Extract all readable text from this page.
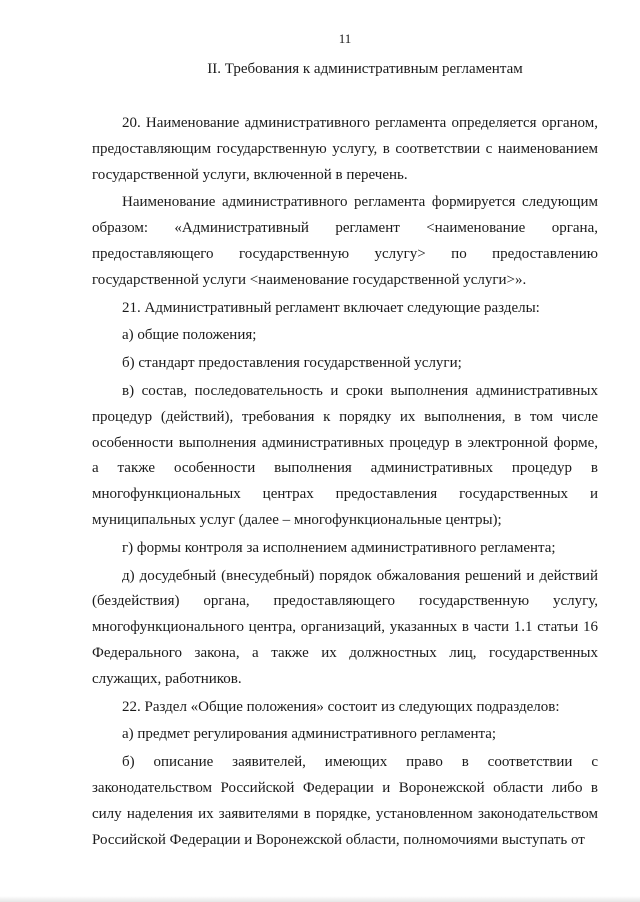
11
II. Требования к административным регламентам

20. Наименование административного регламента определяется органом, предоставляющим государственную услугу, в соответствии с наименованием государственной услуги, включенной в перечень.

Наименование административного регламента формируется следующим образом: «Административный регламент <наименование органа, предоставляющего государственную услугу> по предоставлению государственной услуги <наименование государственной услуги>».

21. Административный регламент включает следующие разделы:

а) общие положения;

б) стандарт предоставления государственной услуги;

в) состав, последовательность и сроки выполнения административных процедур (действий), требования к порядку их выполнения, в том числе особенности выполнения административных процедур в электронной форме, а также особенности выполнения административных процедур в многофункциональных центрах предоставления государственных и муниципальных услуг (далее – многофункциональные центры);

г) формы контроля за исполнением административного регламента;

д) досудебный (внесудебный) порядок обжалования решений и действий (бездействия) органа, предоставляющего государственную услугу, многофункционального центра, организаций, указанных в части 1.1 статьи 16 Федерального закона, а также их должностных лиц, государственных служащих, работников.

22. Раздел «Общие положения» состоит из следующих подразделов:

а) предмет регулирования административного регламента;

б) описание заявителей, имеющих право в соответствии с законодательством Российской Федерации и Воронежской области либо в силу наделения их заявителями в порядке, установленном законодательством Российской Федерации и Воронежской области, полномочиями выступать от
